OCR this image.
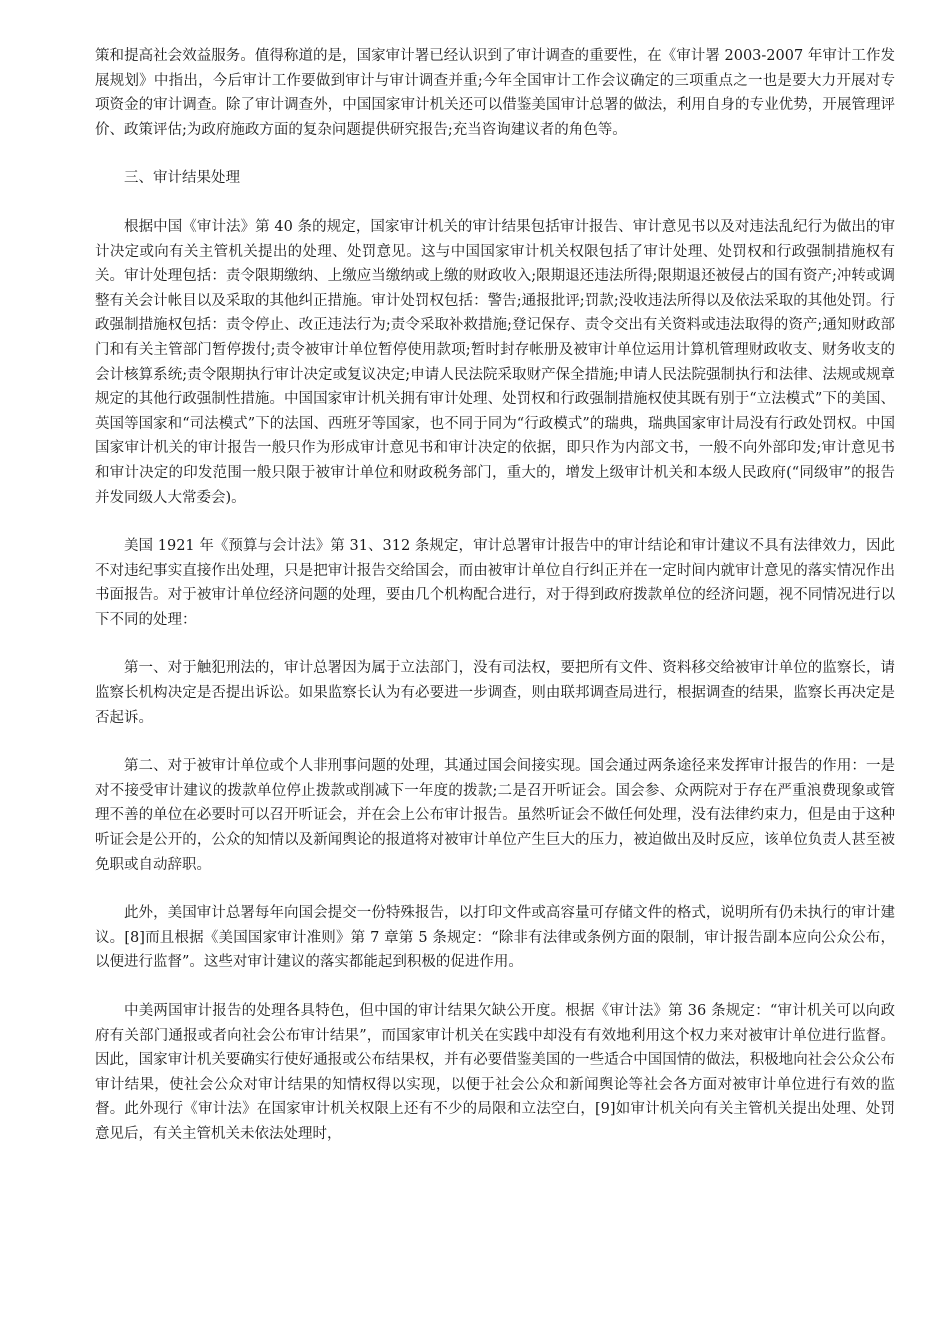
策和提高社会效益服务。值得称道的是，国家审计署已经认识到了审计调查的重要性，在《审计署 2003-2007 年审计工作发展规划》中指出，今后审计工作要做到审计与审计调查并重;今年全国审计工作会议确定的三项重点之一也是要大力开展对专项资金的审计调查。除了审计调查外，中国国家审计机关还可以借鉴美国审计总署的做法，利用自身的专业优势，开展管理评价、政策评估;为政府施政方面的复杂问题提供研究报告;充当咨询建议者的角色等。

三、审计结果处理

根据中国《审计法》第 40 条的规定，国家审计机关的审计结果包括审计报告、审计意见书以及对违法乱纪行为做出的审计决定或向有关主管机关提出的处理、处罚意见。这与中国国家审计机关权限包括了审计处理、处罚权和行政强制措施权有关。审计处理包括：责令限期缴纳、上缴应当缴纳或上缴的财政收入;限期退还违法所得;限期退还被侵占的国有资产;冲转或调整有关会计帐目以及采取的其他纠正措施。审计处罚权包括：警告;通报批评;罚款;没收违法所得以及依法采取的其他处罚。行政强制措施权包括：责令停止、改正违法行为;责令采取补救措施;登记保存、责令交出有关资料或违法取得的资产;通知财政部门和有关主管部门暂停拨付;责令被审计单位暂停使用款项;暂时封存帐册及被审计单位运用计算机管理财政收支、财务收支的会计核算系统;责令限期执行审计决定或复议决定;申请人民法院采取财产保全措施;申请人民法院强制执行和法律、法规或规章规定的其他行政强制性措施。中国国家审计机关拥有审计处理、处罚权和行政强制措施权使其既有别于“立法模式”下的美国、英国等国家和“司法模式”下的法国、西班牙等国家，也不同于同为“行政模式”的瑞典，瑞典国家审计局没有行政处罚权。中国国家审计机关的审计报告一般只作为形成审计意见书和审计决定的依据，即只作为内部文书，一般不向外部印发;审计意见书和审计决定的印发范围一般只限于被审计单位和财政税务部门，重大的，增发上级审计机关和本级人民政府(“同级审”的报告并发同级人大常委会)。

美国 1921 年《预算与会计法》第 31、312 条规定，审计总署审计报告中的审计结论和审计建议不具有法律效力，因此不对违纪事实直接作出处理，只是把审计报告交给国会，而由被审计单位自行纠正并在一定时间内就审计意见的落实情况作出书面报告。对于被审计单位经济问题的处理，要由几个机构配合进行，对于得到政府拨款单位的经济问题，视不同情况进行以下不同的处理：

第一、对于触犯刑法的，审计总署因为属于立法部门，没有司法权，要把所有文件、资料移交给被审计单位的监察长，请监察长机构决定是否提出诉讼。如果监察长认为有必要进一步调查，则由联邦调查局进行，根据调查的结果，监察长再决定是否起诉。

第二、对于被审计单位或个人非刑事问题的处理，其通过国会间接实现。国会通过两条途径来发挥审计报告的作用：一是对不接受审计建议的拨款单位停止拨款或削减下一年度的拨款;二是召开听证会。国会参、众两院对于存在严重浪费现象或管理不善的单位在必要时可以召开听证会，并在会上公布审计报告。虽然听证会不做任何处理，没有法律约束力，但是由于这种听证会是公开的，公众的知情以及新闻舆论的报道将对被审计单位产生巨大的压力，被迫做出及时反应，该单位负责人甚至被免职或自动辞职。

此外，美国审计总署每年向国会提交一份特殊报告，以打印文件或高容量可存储文件的格式，说明所有仍未执行的审计建议。[8]而且根据《美国国家审计准则》第 7 章第 5 条规定：“除非有法律或条例方面的限制，审计报告副本应向公众公布，以便进行监督”。这些对审计建议的落实都能起到积极的促进作用。

中美两国审计报告的处理各具特色，但中国的审计结果欠缺公开度。根据《审计法》第 36 条规定：“审计机关可以向政府有关部门通报或者向社会公布审计结果”，而国家审计机关在实践中却没有有效地利用这个权力来对被审计单位进行监督。因此，国家审计机关要确实行使好通报或公布结果权，并有必要借鉴美国的一些适合中国国情的做法，积极地向社会公众公布审计结果，使社会公众对审计结果的知情权得以实现，以便于社会公众和新闻舆论等社会各方面对被审计单位进行有效的监督。此外现行《审计法》在国家审计机关权限上还有不少的局限和立法空白，[9]如审计机关向有关主管机关提出处理、处罚意见后，有关主管机关未依法处理时，
